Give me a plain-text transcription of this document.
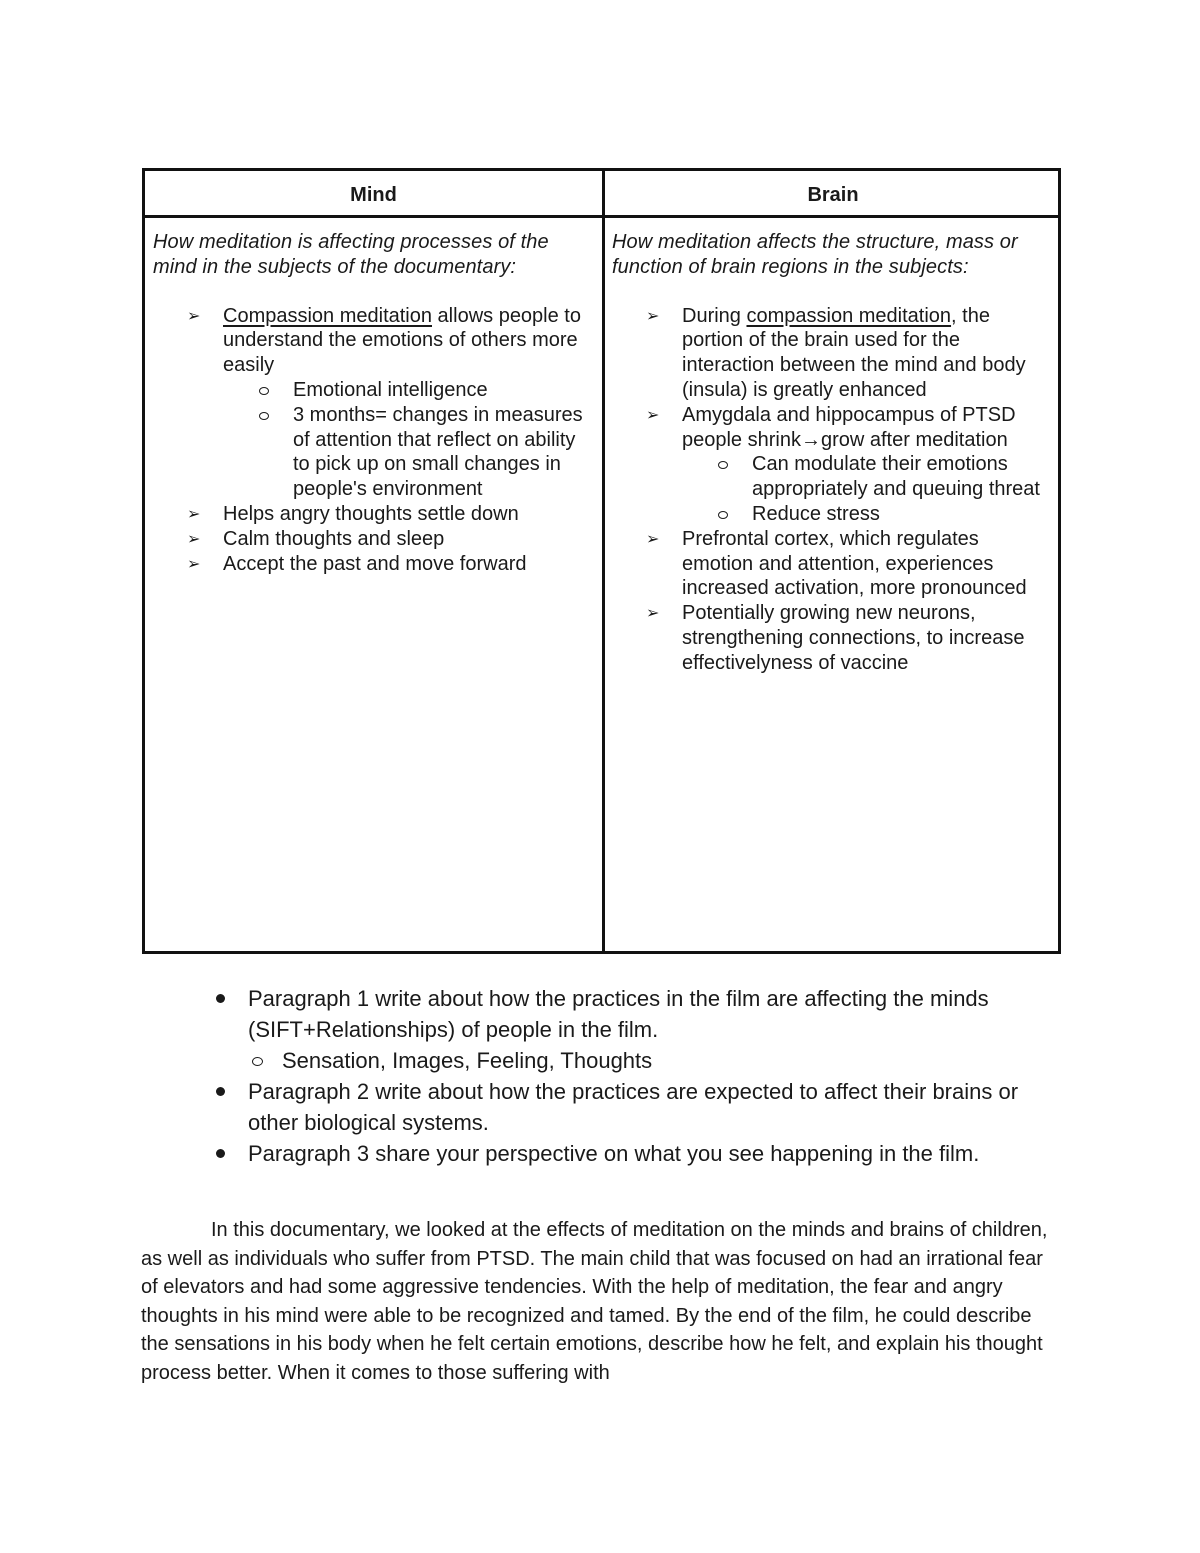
Mind	Brain

How meditation is affecting processes of the mind in the subjects of the documentary:

➢ Compassion meditation allows people to understand the emotions of others more easily
Emotional intelligence
3 months= changes in measures of attention that reflect on ability to pick up on small changes in people's environment
➢ Helps angry thoughts settle down
➢ Calm thoughts and sleep
➢ Accept the past and move forward

How meditation affects the structure, mass or function of brain regions in the subjects:

➢ During compassion meditation, the portion of the brain used for the interaction between the mind and body (insula) is greatly enhanced
➢ Amygdala and hippocampus of PTSD people shrink→grow after meditation
Can modulate their emotions appropriately and queuing threat
Reduce stress
➢ Prefrontal cortex, which regulates emotion and attention, experiences increased activation, more pronounced
➢ Potentially growing new neurons, strengthening connections, to increase effectivelyness of vaccine
Paragraph 1 write about how the practices in the film are affecting the minds (SIFT+Relationships) of people in the film.
Sensation, Images, Feeling, Thoughts
Paragraph 2 write about how the practices are expected to affect their brains or other biological systems.
Paragraph 3 share your perspective on what you see happening in the film.

In this documentary, we looked at the effects of meditation on the minds and brains of children, as well as individuals who suffer from PTSD. The main child that was focused on had an irrational fear of elevators and had some aggressive tendencies. With the help of meditation, the fear and angry thoughts in his mind were able to be recognized and tamed. By the end of the film, he could describe the sensations in his body when he felt certain emotions, describe how he felt, and explain his thought process better. When it comes to those suffering with
